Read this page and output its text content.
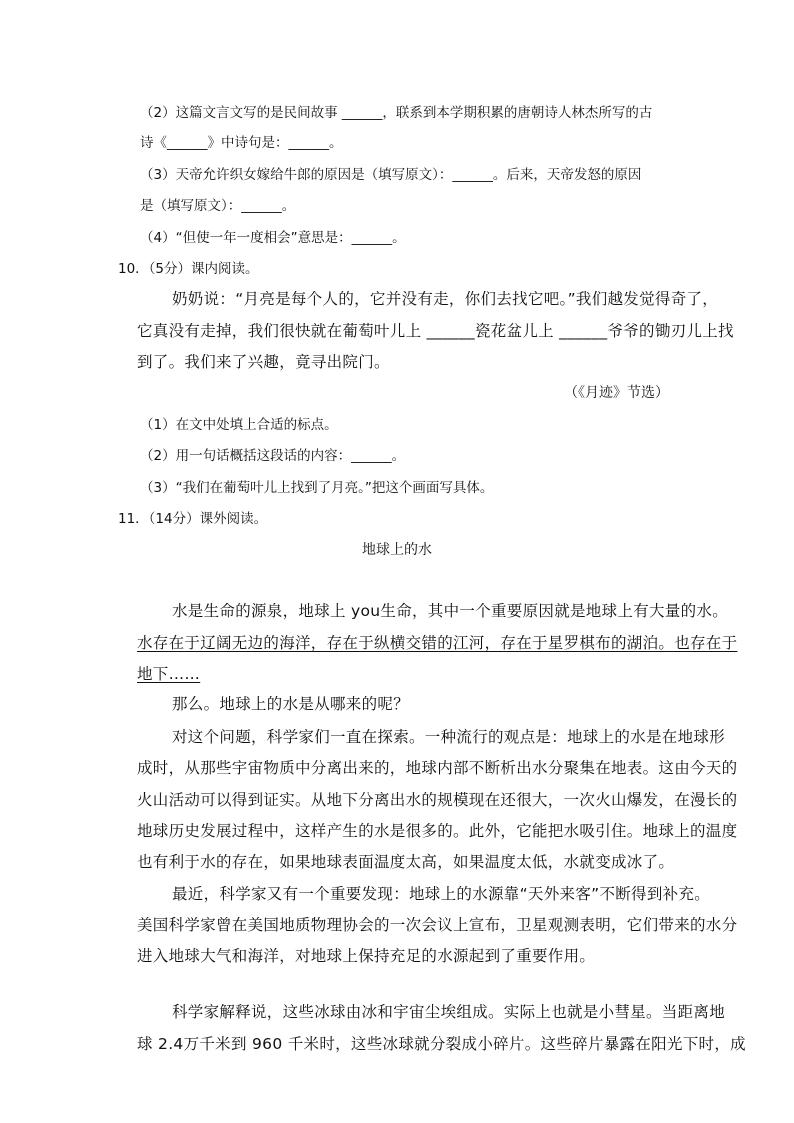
（2）这篇文言文写的是民间故事 ______，联系到本学期积累的唐朝诗人林杰所写的古
诗《______》中诗句是：______。
（3）天帝允许织女嫁给牛郎的原因是（填写原文）：______。后来，天帝发怒的原因
是（填写原文）：______。
（4）“但使一年一度相会”意思是：______。
10．（5分）课内阅读。
奶奶说：“月亮是每个人的，它并没有走，你们去找它吧。”我们越发觉得奇了，
它真没有走掉，我们很快就在葡萄叶儿上 ______瓷花盆儿上 ______爷爷的锄刃儿上找
到了。我们来了兴趣，竟寻出院门。
（《月迹》节选）
（1）在文中处填上合适的标点。
（2）用一句话概括这段话的内容：______。
（3）“我们在葡萄叶儿上找到了月亮。”把这个画面写具体。
11．（14分）课外阅读。
地球上的水
水是生命的源泉，地球上 you生命，其中一个重要原因就是地球上有大量的水。
水存在于辽阔无边的海洋，存在于纵横交错的江河，存在于星罗棋布的湖泊。也存在于
地下……
那么。地球上的水是从哪来的呢？
对这个问题，科学家们一直在探索。一种流行的观点是：地球上的水是在地球形
成时，从那些宇宙物质中分离出来的，地球内部不断析出水分聚集在地表。这由今天的
火山活动可以得到证实。从地下分离出水的规模现在还很大，一次火山爆发，在漫长的
地球历史发展过程中，这样产生的水是很多的。此外，它能把水吸引住。地球上的温度
也有利于水的存在，如果地球表面温度太高，如果温度太低，水就变成冰了。
最近，科学家又有一个重要发现：地球上的水源靠“天外来客”不断得到补充。
美国科学家曾在美国地质物理协会的一次会议上宣布，卫星观测表明，它们带来的水分
进入地球大气和海洋，对地球上保持充足的水源起到了重要作用。
科学家解释说，这些冰球由冰和宇宙尘埃组成。实际上也就是小彗星。当距离地
球 2.4万千米到 960 千米时，这些冰球就分裂成小碎片。这些碎片暴露在阳光下时，成
